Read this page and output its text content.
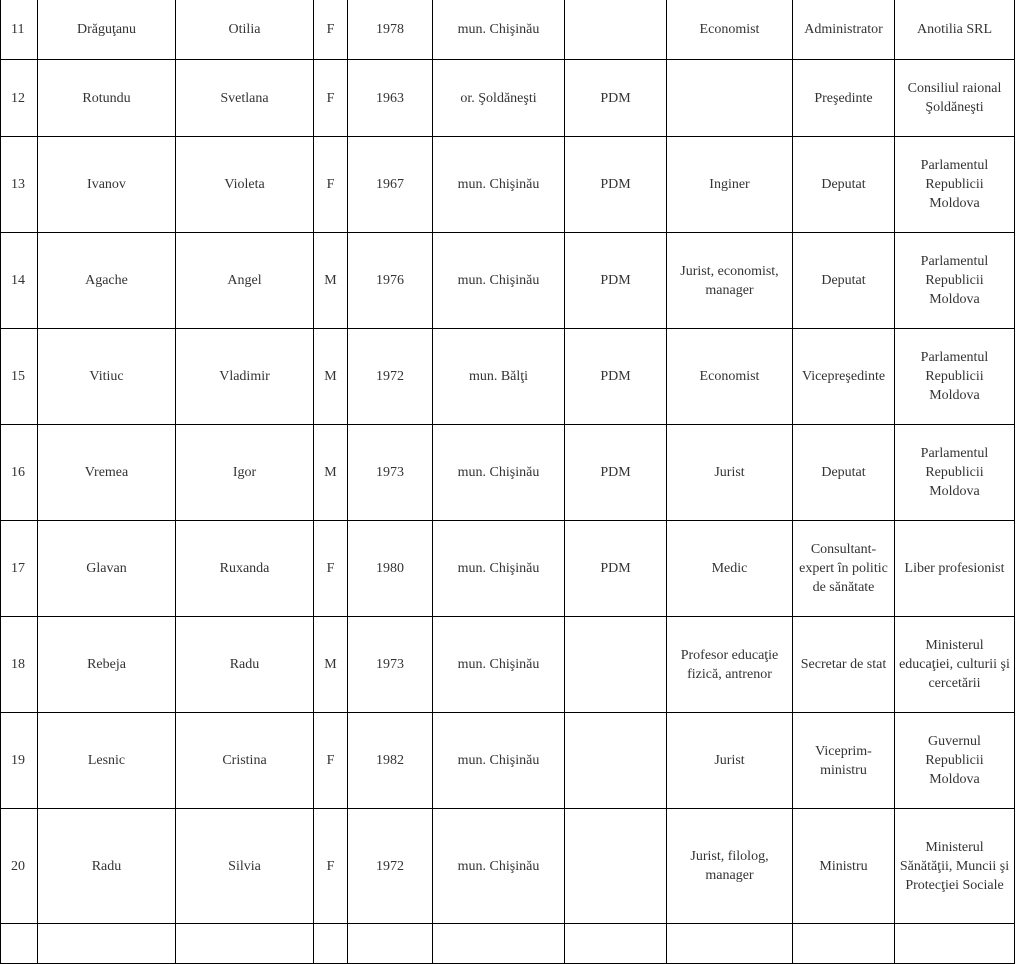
11	Drăguţanu	Otilia	F	1978	mun. Chişinău		Economist	Administrator	Anotilia SRL
12	Rotundu	Svetlana	F	1963	or. Şoldăneşti	PDM		Preşedinte	Consiliul raional Şoldăneşti
13	Ivanov	Violeta	F	1967	mun. Chişinău	PDM	Inginer	Deputat	Parlamentul Republicii Moldova
14	Agache	Angel	M	1976	mun. Chişinău	PDM	Jurist, economist, manager	Deputat	Parlamentul Republicii Moldova
15	Vitiuc	Vladimir	M	1972	mun. Bălţi	PDM	Economist	Vicepreşedinte	Parlamentul Republicii Moldova
16	Vremea	Igor	M	1973	mun. Chişinău	PDM	Jurist	Deputat	Parlamentul Republicii Moldova
17	Glavan	Ruxanda	F	1980	mun. Chişinău	PDM	Medic	Consultant-expert în politic de sănătate	Liber profesionist
18	Rebeja	Radu	M	1973	mun. Chişinău		Profesor educaţie fizică, antrenor	Secretar de stat	Ministerul educaţiei, culturii şi cercetării
19	Lesnic	Cristina	F	1982	mun. Chişinău		Jurist	Viceprim-ministru	Guvernul Republicii Moldova
20	Radu	Silvia	F	1972	mun. Chişinău		Jurist, filolog, manager	Ministru	Ministerul Sănătăţii, Muncii şi Protecţiei Sociale
